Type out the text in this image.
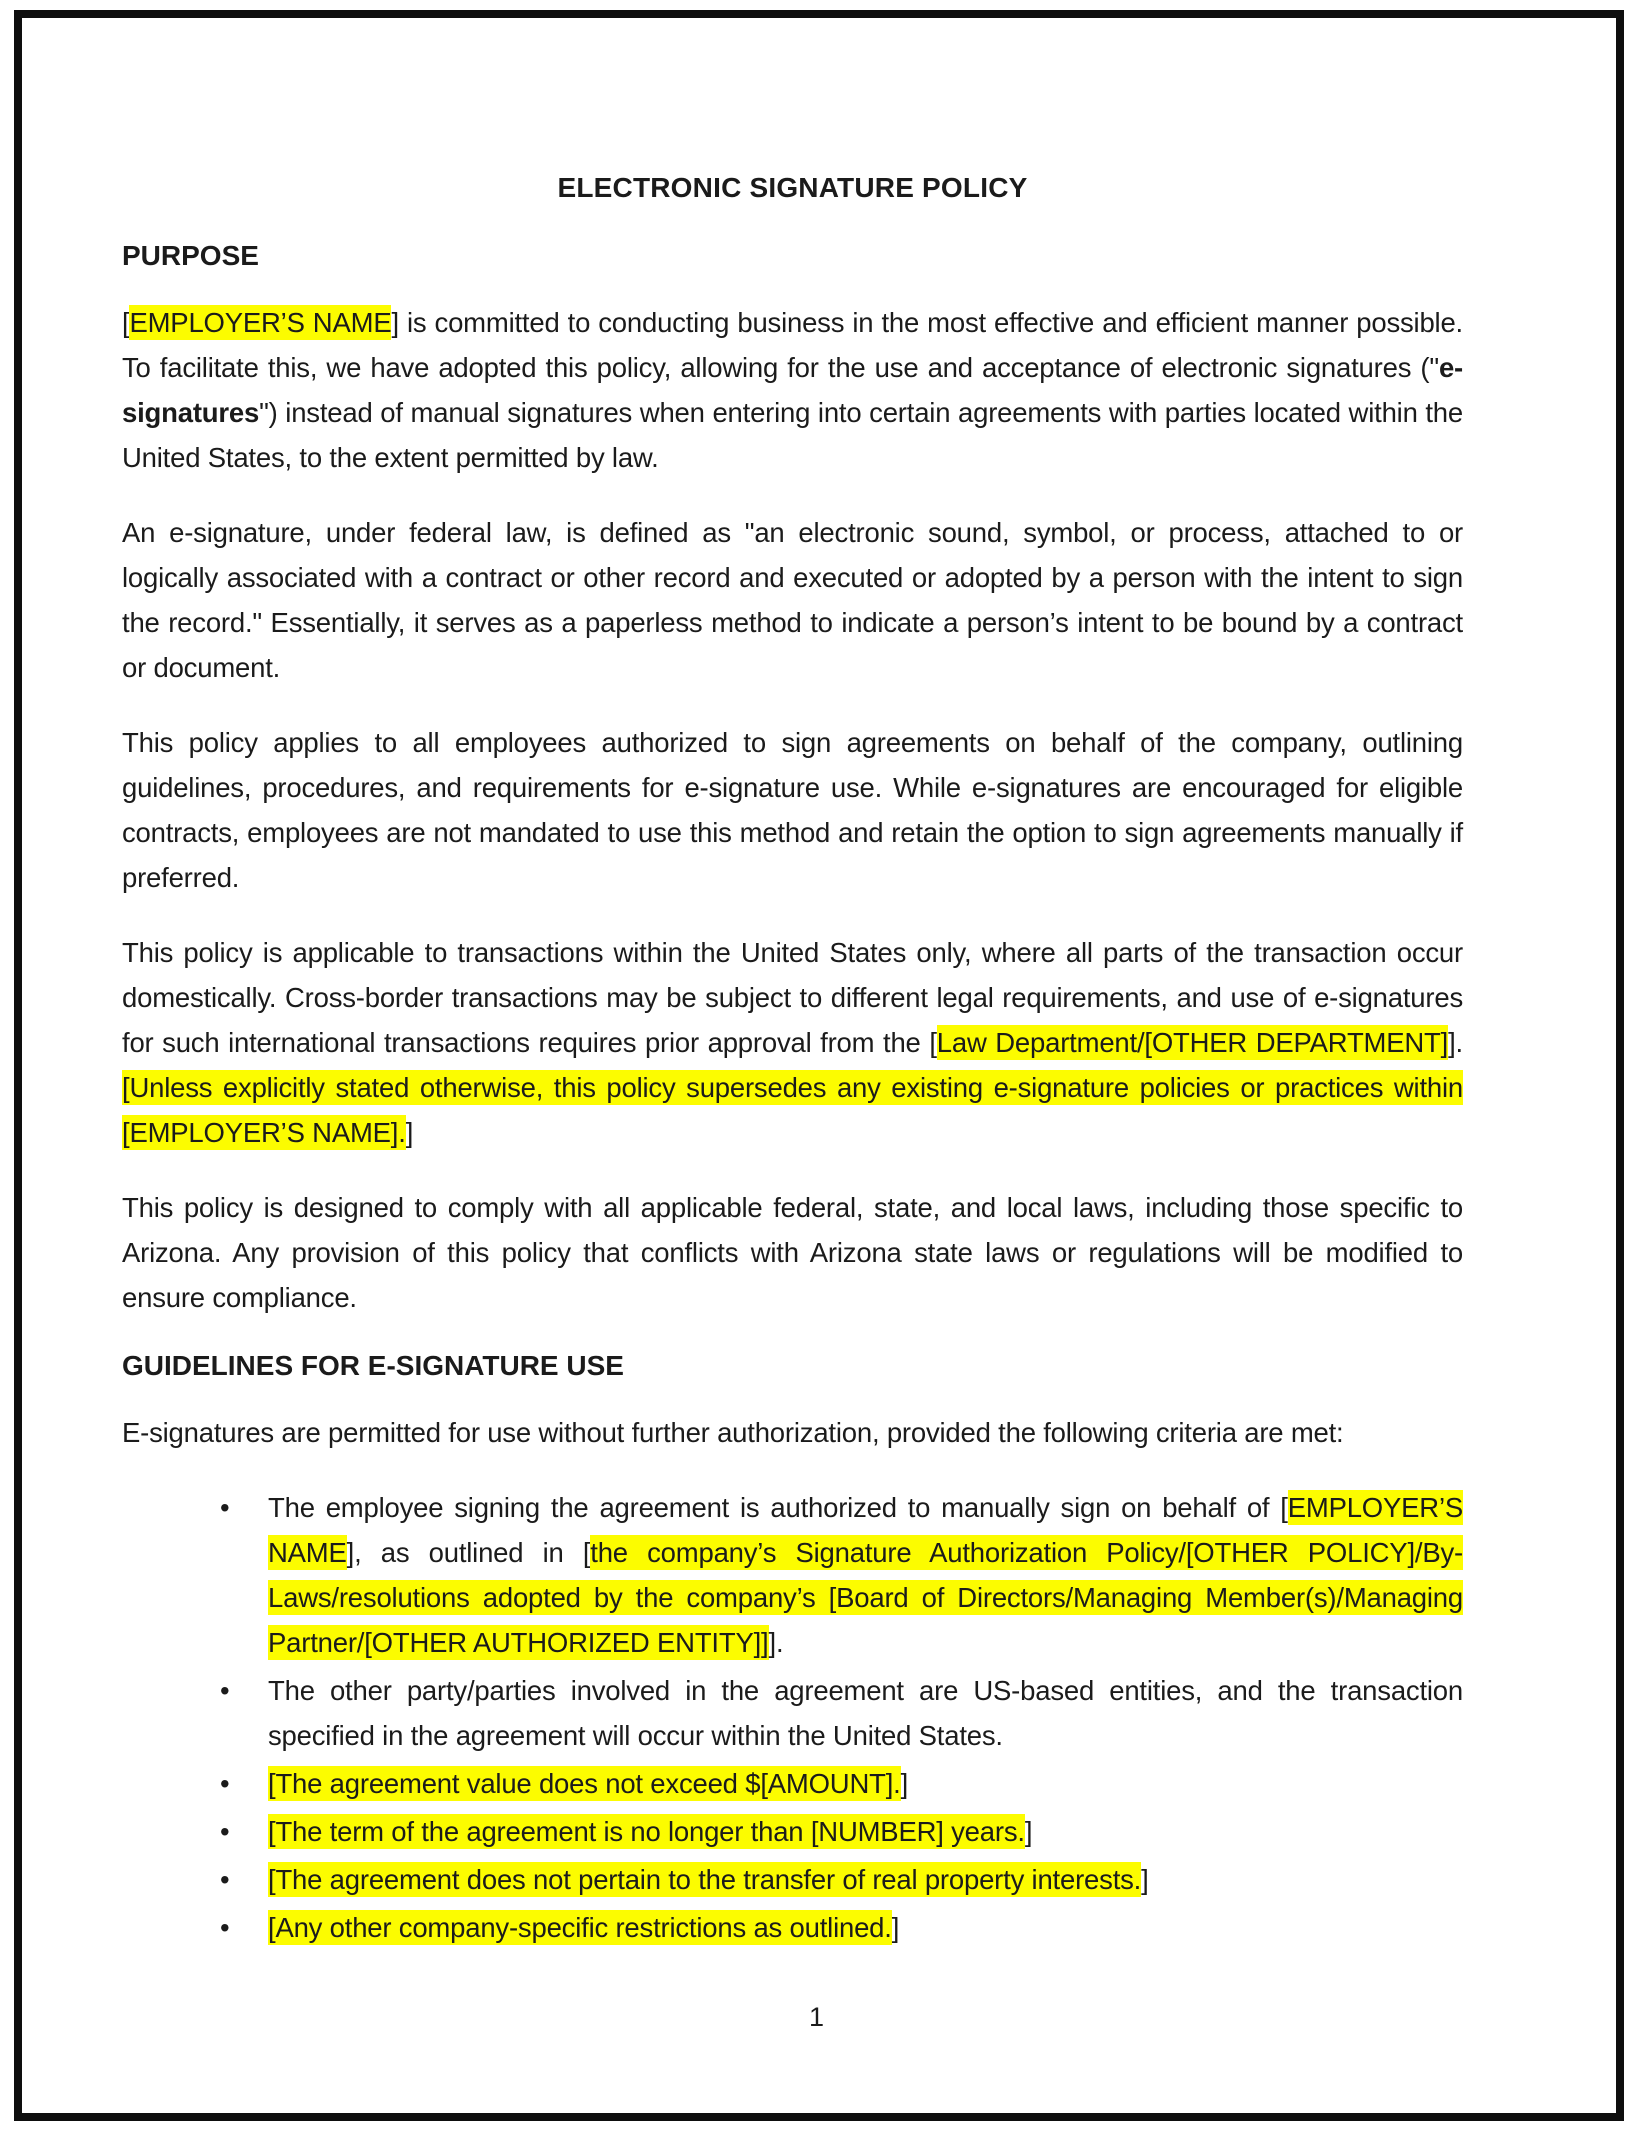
ELECTRONIC SIGNATURE POLICY
PURPOSE

[EMPLOYER’S NAME] is committed to conducting business in the most effective and efficient manner possible. To facilitate this, we have adopted this policy, allowing for the use and acceptance of electronic signatures ("e-signatures") instead of manual signatures when entering into certain agreements with parties located within the United States, to the extent permitted by law.

An e-signature, under federal law, is defined as "an electronic sound, symbol, or process, attached to or logically associated with a contract or other record and executed or adopted by a person with the intent to sign the record." Essentially, it serves as a paperless method to indicate a person’s intent to be bound by a contract or document.

This policy applies to all employees authorized to sign agreements on behalf of the company, outlining guidelines, procedures, and requirements for e-signature use. While e-signatures are encouraged for eligible contracts, employees are not mandated to use this method and retain the option to sign agreements manually if preferred.

This policy is applicable to transactions within the United States only, where all parts of the transaction occur domestically. Cross-border transactions may be subject to different legal requirements, and use of e-signatures for such international transactions requires prior approval from the [Law Department/[OTHER DEPARTMENT]]. [Unless explicitly stated otherwise, this policy supersedes any existing e-signature policies or practices within [EMPLOYER’S NAME].]

This policy is designed to comply with all applicable federal, state, and local laws, including those specific to Arizona. Any provision of this policy that conflicts with Arizona state laws or regulations will be modified to ensure compliance.

GUIDELINES FOR E-SIGNATURE USE

E-signatures are permitted for use without further authorization, provided the following criteria are met:

• The employee signing the agreement is authorized to manually sign on behalf of [EMPLOYER’S NAME], as outlined in [the company’s Signature Authorization Policy/[OTHER POLICY]/By-Laws/resolutions adopted by the company’s [Board of Directors/Managing Member(s)/Managing Partner/[OTHER AUTHORIZED ENTITY]]].
• The other party/parties involved in the agreement are US-based entities, and the transaction specified in the agreement will occur within the United States.
• [The agreement value does not exceed $[AMOUNT].]
• [The term of the agreement is no longer than [NUMBER] years.]
• [The agreement does not pertain to the transfer of real property interests.]
• [Any other company-specific restrictions as outlined.]
1
